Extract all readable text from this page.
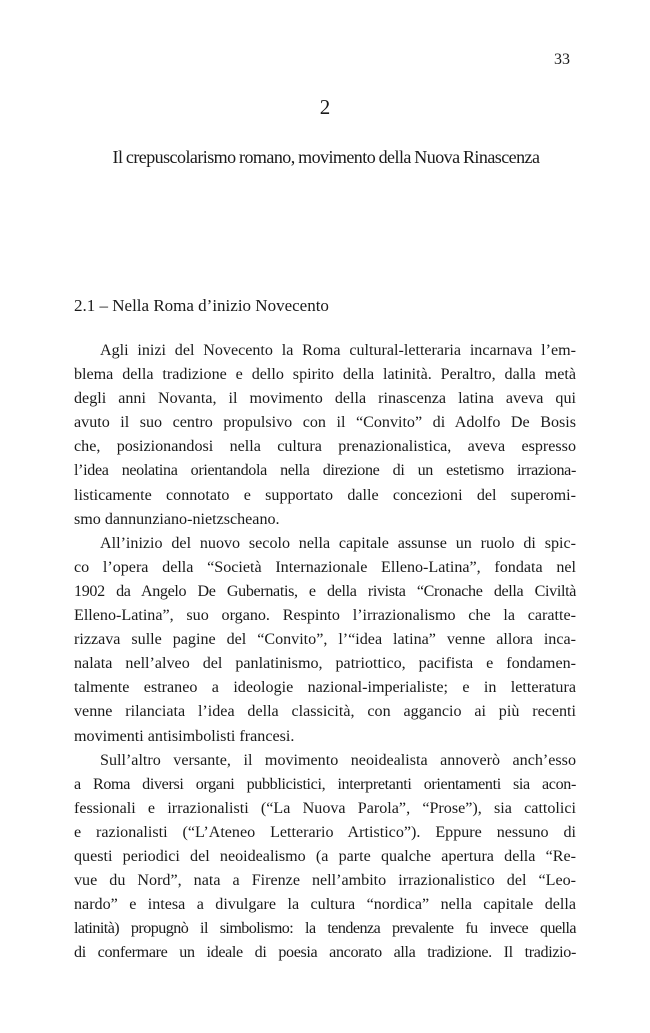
33
2
Il crepuscolarismo romano, movimento della Nuova Rinascenza
2.1 – Nella Roma d’inizio Novecento
Agli inizi del Novecento la Roma cultural-letteraria incarnava l’em-
blema della tradizione e dello spirito della latinità. Peraltro, dalla metà
degli anni Novanta, il movimento della rinascenza latina aveva qui
avuto il suo centro propulsivo con il “Convito” di Adolfo De Bosis
che, posizionandosi nella cultura prenazionalistica, aveva espresso
l’idea neolatina orientandola nella direzione di un estetismo irraziona-
listicamente connotato e supportato dalle concezioni del superomi-
smo dannunziano-nietzscheano.
All’inizio del nuovo secolo nella capitale assunse un ruolo di spic-
co l’opera della “Società Internazionale Elleno-Latina”, fondata nel
1902 da Angelo De Gubernatis, e della rivista “Cronache della Civiltà
Elleno-Latina”, suo organo. Respinto l’irrazionalismo che la caratte-
rizzava sulle pagine del “Convito”, l’“idea latina” venne allora inca-
nalata nell’alveo del panlatinismo, patriottico, pacifista e fondamen-
talmente estraneo a ideologie nazional-imperialiste; e in letteratura
venne rilanciata l’idea della classicità, con aggancio ai più recenti
movimenti antisimbolisti francesi.
Sull’altro versante, il movimento neoidealista annoverò anch’esso
a Roma diversi organi pubblicistici, interpretanti orientamenti sia acon-
fessionali e irrazionalisti (“La Nuova Parola”, “Prose”), sia cattolici
e razionalisti (“L’Ateneo Letterario Artistico”). Eppure nessuno di
questi periodici del neoidealismo (a parte qualche apertura della “Re-
vue du Nord”, nata a Firenze nell’ambito irrazionalistico del “Leo-
nardo” e intesa a divulgare la cultura “nordica” nella capitale della
latinità) propugnò il simbolismo: la tendenza prevalente fu invece quella
di confermare un ideale di poesia ancorato alla tradizione. Il tradizio-
